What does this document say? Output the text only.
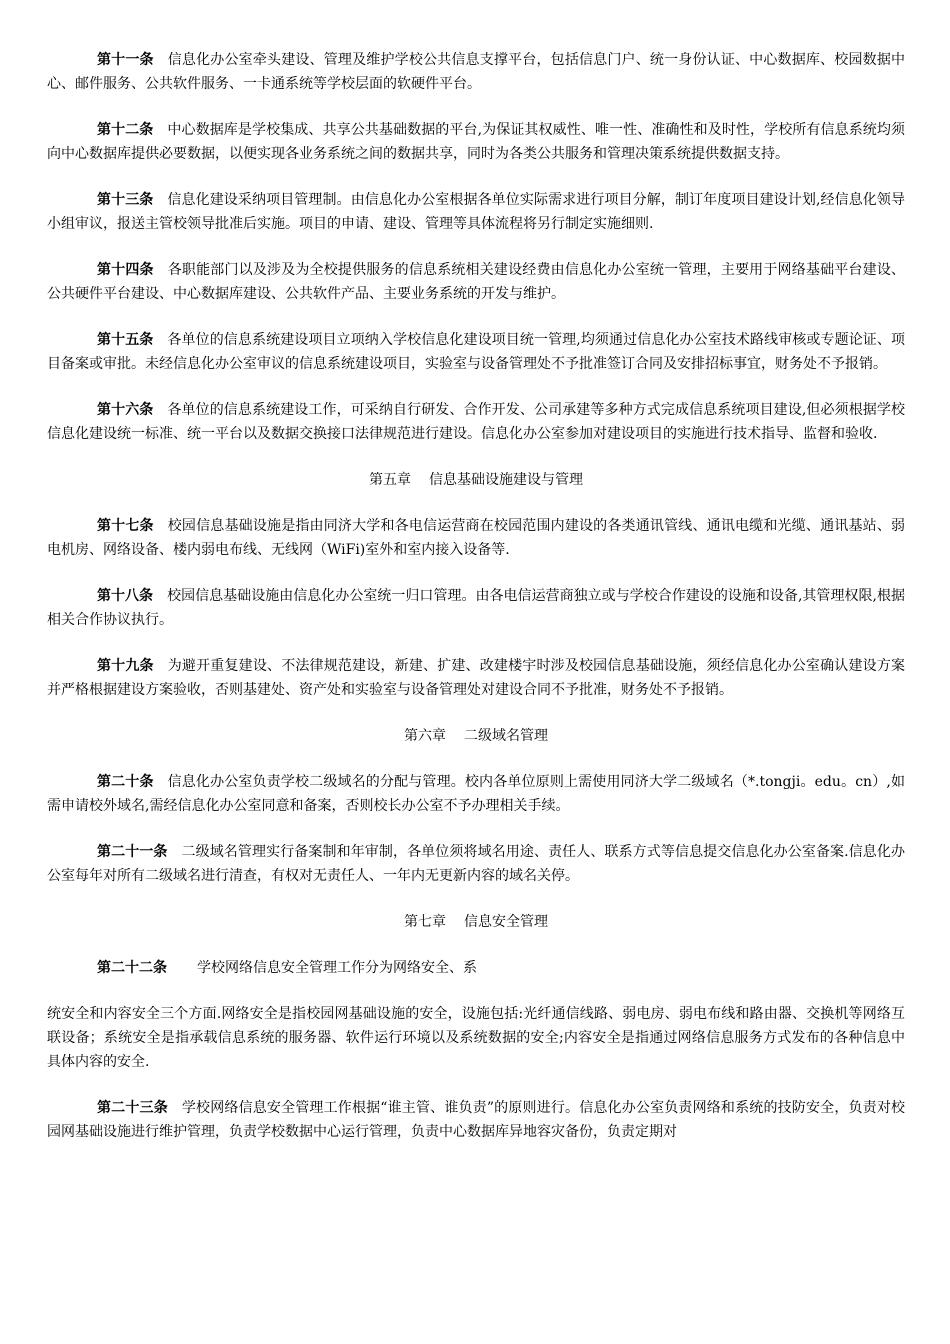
第十一条 信息化办公室牵头建设、管理及维护学校公共信息支撑平台，包括信息门户、统一身份认证、中心数据库、校园数据中心、邮件服务、公共软件服务、一卡通系统等学校层面的软硬件平台。

第十二条 中心数据库是学校集成、共享公共基础数据的平台,为保证其权威性、唯一性、准确性和及时性，学校所有信息系统均须向中心数据库提供必要数据，以便实现各业务系统之间的数据共享，同时为各类公共服务和管理决策系统提供数据支持。

第十三条 信息化建设采纳项目管理制。由信息化办公室根据各单位实际需求进行项目分解，制订年度项目建设计划,经信息化领导小组审议，报送主管校领导批准后实施。项目的申请、建设、管理等具体流程将另行制定实施细则.

第十四条 各职能部门以及涉及为全校提供服务的信息系统相关建设经费由信息化办公室统一管理，主要用于网络基础平台建设、公共硬件平台建设、中心数据库建设、公共软件产品、主要业务系统的开发与维护。

第十五条 各单位的信息系统建设项目立项纳入学校信息化建设项目统一管理,均须通过信息化办公室技术路线审核或专题论证、项目备案或审批。未经信息化办公室审议的信息系统建设项目，实验室与设备管理处不予批准签订合同及安排招标事宜，财务处不予报销。

第十六条 各单位的信息系统建设工作，可采纳自行研发、合作开发、公司承建等多种方式完成信息系统项目建设,但必须根据学校信息化建设统一标准、统一平台以及数据交换接口法律规范进行建设。信息化办公室参加对建设项目的实施进行技术指导、监督和验收.

第五章 信息基础设施建设与管理

第十七条 校园信息基础设施是指由同济大学和各电信运营商在校园范围内建设的各类通讯管线、通讯电缆和光缆、通讯基站、弱电机房、网络设备、楼内弱电布线、无线网（WiFi)室外和室内接入设备等.

第十八条 校园信息基础设施由信息化办公室统一归口管理。由各电信运营商独立或与学校合作建设的设施和设备,其管理权限,根据相关合作协议执行。

第十九条 为避开重复建设、不法律规范建设，新建、扩建、改建楼宇时涉及校园信息基础设施，须经信息化办公室确认建设方案并严格根据建设方案验收，否则基建处、资产处和实验室与设备管理处对建设合同不予批准，财务处不予报销。

第六章 二级域名管理

第二十条 信息化办公室负责学校二级域名的分配与管理。校内各单位原则上需使用同济大学二级域名（*.tongji。edu。cn）,如需申请校外域名,需经信息化办公室同意和备案，否则校长办公室不予办理相关手续。

第二十一条 二级域名管理实行备案制和年审制，各单位须将域名用途、责任人、联系方式等信息提交信息化办公室备案.信息化办公室每年对所有二级域名进行清查，有权对无责任人、一年内无更新内容的域名关停。

第七章 信息安全管理

第二十二条 学校网络信息安全管理工作分为网络安全、系

统安全和内容安全三个方面.网络安全是指校园网基础设施的安全，设施包括:光纤通信线路、弱电房、弱电布线和路由器、交换机等网络互联设备；系统安全是指承载信息系统的服务器、软件运行环境以及系统数据的安全;内容安全是指通过网络信息服务方式发布的各种信息中具体内容的安全.

第二十三条 学校网络信息安全管理工作根据“谁主管、谁负责”的原则进行。信息化办公室负责网络和系统的技防安全，负责对校园网基础设施进行维护管理，负责学校数据中心运行管理，负责中心数据库异地容灾备份，负责定期对
